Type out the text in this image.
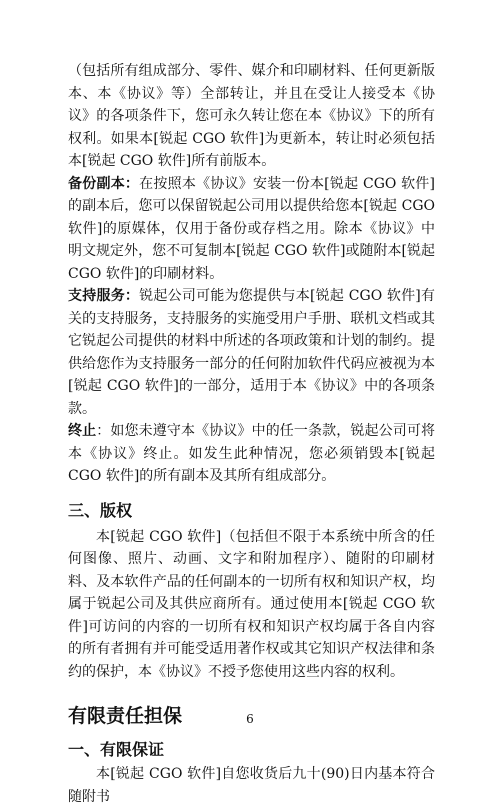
（包括所有组成部分、零件、媒介和印刷材料、任何更新版本、本《协议》等）全部转让，并且在受让人接受本《协议》的各项条件下，您可永久转让您在本《协议》下的所有权利。如果本[锐起 CGO 软件]为更新本，转让时必须包括本[锐起 CGO 软件]所有前版本。

备份副本：在按照本《协议》安装一份本[锐起 CGO 软件]的副本后，您可以保留锐起公司用以提供给您本[锐起 CGO 软件]的原媒体，仅用于备份或存档之用。除本《协议》中明文规定外，您不可复制本[锐起 CGO 软件]或随附本[锐起 CGO 软件]的印刷材料。

支持服务：锐起公司可能为您提供与本[锐起 CGO 软件]有关的支持服务，支持服务的实施受用户手册、联机文档或其它锐起公司提供的材料中所述的各项政策和计划的制约。提供给您作为支持服务一部分的任何附加软件代码应被视为本[锐起 CGO 软件]的一部分，适用于本《协议》中的各项条款。

终止：如您未遵守本《协议》中的任一条款，锐起公司可将本《协议》终止。如发生此种情况，您必须销毁本[锐起 CGO 软件]的所有副本及其所有组成部分。

三、版权

本[锐起 CGO 软件]（包括但不限于本系统中所含的任何图像、照片、动画、文字和附加程序）、随附的印刷材料、及本软件产品的任何副本的一切所有权和知识产权，均属于锐起公司及其供应商所有。通过使用本[锐起 CGO 软件]可访问的内容的一切所有权和知识产权均属于各自内容的所有者拥有并可能受适用著作权或其它知识产权法律和条约的保护，本《协议》不授予您使用这些内容的权利。

有限责任担保
一、有限保证

本[锐起 CGO 软件]自您收货后九十(90)日内基本符合随附书

6
